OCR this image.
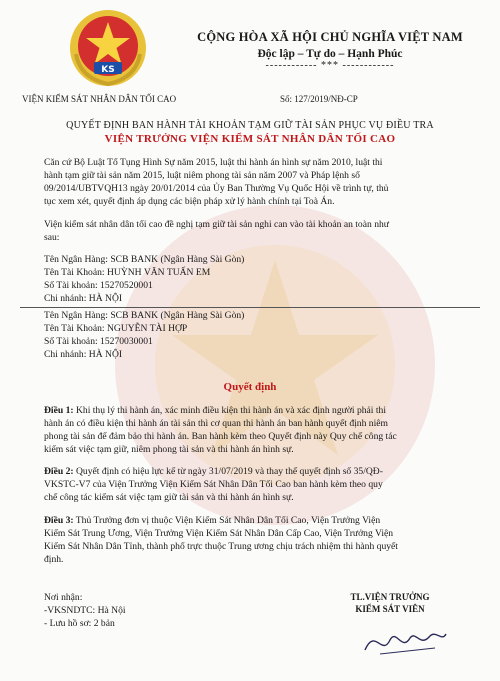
KS
CỘNG HÒA XÃ HỘI CHỦ NGHĨA VIỆT NAM
Độc lập – Tự do – Hạnh Phúc
------------ *** ------------
VIỆN KIỂM SÁT NHÂN DÂN TỐI CAO	Số: 127/2019/NĐ-CP
QUYẾT ĐỊNH BAN HÀNH TÀI KHOẢN TẠM GIỮ TÀI SẢN PHỤC VỤ ĐIỀU TRA
VIỆN TRƯỞNG VIỆN KIỂM SÁT NHÂN DÂN TỐI CAO
Căn cứ Bộ Luật Tố Tụng Hình Sự năm 2015, luật thi hành án hình sự năm 2010, luật thi
hành tạm giữ tài sản năm 2015, luật niêm phong tài sản năm 2007 và Pháp lệnh số
09/2014/UBTVQH13 ngày 20/01/2014 của Ủy Ban Thường Vụ Quốc Hội về trình tự, thủ
tục xem xét, quyết định áp dụng các biện pháp xử lý hành chính tại Toà Án.
Viện kiểm sát nhân dân tối cao đề nghị tạm giữ tài sản nghi can vào tài khoản an toàn như
sau:
Tên Ngân Hàng: SCB BANK (Ngân Hàng Sài Gòn)
Tên Tài Khoản: HUỲNH VĂN TUẤN EM
Số Tài khoản: 15270520001
Chi nhánh: HÀ NỘI
Tên Ngân Hàng: SCB BANK (Ngân Hàng Sài Gòn)
Tên Tài Khoản: NGUYỄN TÀI HỢP
Số Tài khoản: 15270030001
Chi nhánh: HÀ NỘI
Quyết định
Điều 1: Khi thụ lý thi hành án, xác minh điều kiện thi hành án và xác định người phải thi
hành án có điều kiện thi hành án tài sản thì cơ quan thi hành án ban hành quyết định niêm
phong tài sản để đảm bảo thi hành án. Ban hành kèm theo Quyết định này Quy chế công tác
kiểm sát việc tạm giữ, niêm phong tài sản và thi hành án hình sự.
Điều 2: Quyết định có hiệu lực kể từ ngày 31/07/2019 và thay thế quyết định số 35/QĐ-
VKSTC-V7 của Viện Trưởng Viện Kiểm Sát Nhân Dân Tối Cao ban hành kèm theo quy
chế công tác kiểm sát việc tạm giữ tài sản và thi hành án hình sự.
Điều 3: Thủ Trưởng đơn vị thuộc Viện Kiểm Sát Nhân Dân Tối Cao, Viện Trưởng Viện
Kiểm Sát Trung Ương, Viện Trưởng Viện Kiểm Sát Nhân Dân Cấp Cao, Viện Trưởng Viện
Kiểm Sát Nhân Dân Tỉnh, thành phố trực thuộc Trung ương chịu trách nhiệm thi hành quyết
định.
Nơi nhận:
-VKSNDTC: Hà Nội
- Lưu hồ sơ: 2 bản
TL.VIỆN TRƯỞNG
KIỂM SÁT VIÊN
